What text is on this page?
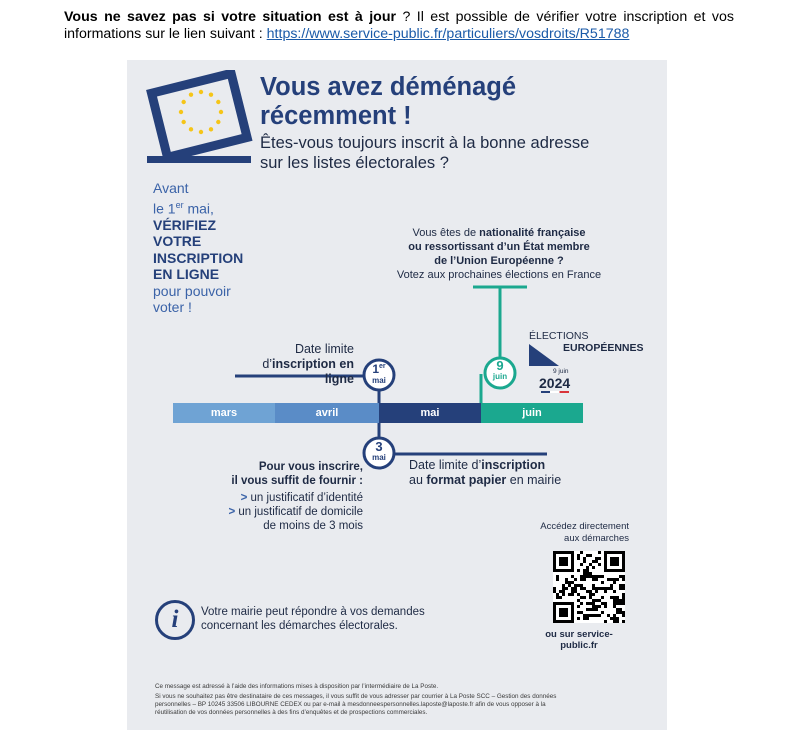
Vous ne savez pas si votre situation est à jour ? Il est possible de vérifier votre inscription et vos informations sur le lien suivant : https://www.service-public.fr/particuliers/vosdroits/R51788
Vous avez déménagé
récemment !
Êtes-vous toujours inscrit à la bonne adresse
sur les listes électorales ?
Avant
le 1er mai,
VÉRIFIEZ
VOTRE
INSCRIPTION
EN LIGNE
pour pouvoir
voter !
Vous êtes de nationalité française
ou ressortissant d’un État membre
de l’Union Européenne ?
Votez aux prochaines élections en France
1er
mai
9
juin
3
mai
ÉLECTIONS
EUROPÉENNES
9 juin
2024
Date limite
d’inscription en ligne
mars	avril	mai	juin
Date limite d’inscription
au format papier en mairie
Pour vous inscrire,
il vous suffit de fournir :
> un justificatif d’identité
> un justificatif de domicile
de moins de 3 mois	Accédez directement
aux démarches
ou sur service-public.fr
i	Votre mairie peut répondre à vos demandes
concernant les démarches électorales.
Ce message est adressé à l’aide des informations mises à disposition par l’intermédiaire de La Poste.
Si vous ne souhaitez pas être destinataire de ces messages, il vous suffit de vous adresser par courrier à La Poste SCC – Gestion des données
personnelles – BP 10245 33506 LIBOURNE CEDEX ou par e-mail à mesdonneespersonnelles.laposte@laposte.fr afin de vous opposer à la
réutilisation de vos données personnelles à des fins d’enquêtes et de prospections commerciales.
